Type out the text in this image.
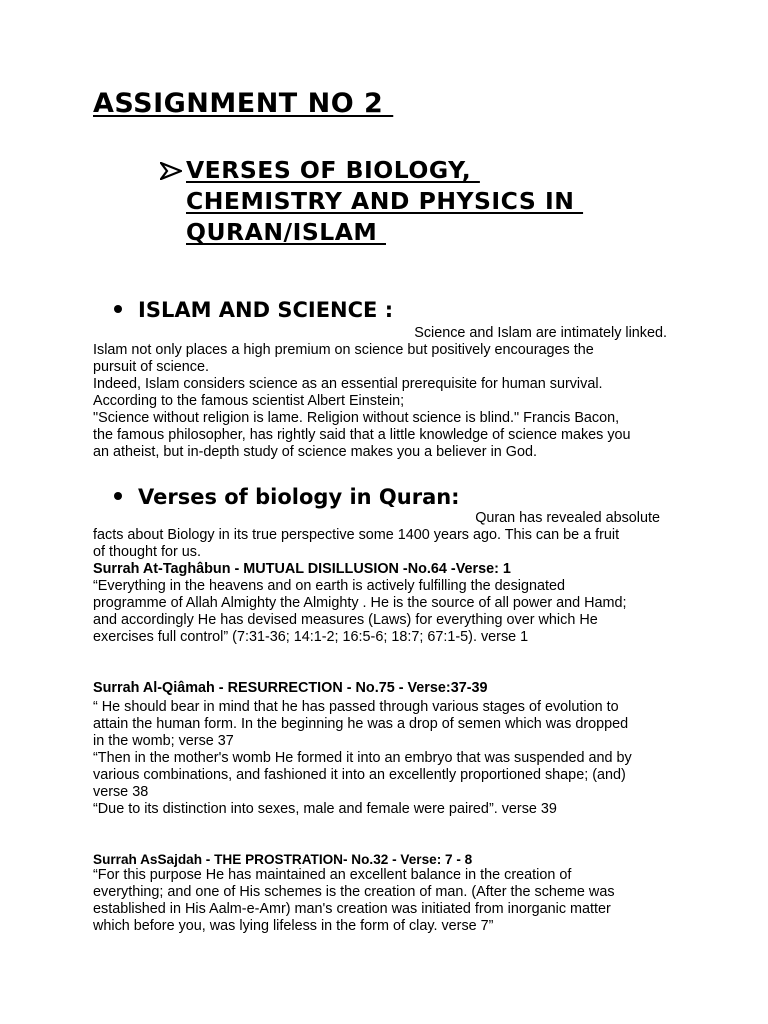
ASSIGNMENT NO 2
VERSES OF BIOLOGY,
CHEMISTRY AND PHYSICS IN
QURAN/ISLAM
ISLAM AND SCIENCE :
Science and Islam are intimately linked.
Islam not only places a high premium on science but positively encourages the
pursuit of science.
Indeed, Islam considers science as an essential prerequisite for human survival.
According to the famous scientist Albert Einstein;
"Science without religion is lame. Religion without science is blind." Francis Bacon,
the famous philosopher, has rightly said that a little knowledge of science makes you
an atheist, but in-depth study of science makes you a believer in God.
Verses of biology in Quran:
Quran has revealed absolute
facts about Biology in its true perspective some 1400 years ago. This can be a fruit
of thought for us.
Surrah At-Taghâbun - MUTUAL DISILLUSION -No.64 -Verse: 1
“Everything in the heavens and on earth is actively fulfilling the designated
programme of Allah Almighty the Almighty . He is the source of all power and Hamd;
and accordingly He has devised measures (Laws) for everything over which He
exercises full control” (7:31-36; 14:1-2; 16:5-6; 18:7; 67:1-5). verse 1
Surrah Al-Qiâmah - RESURRECTION - No.75 - Verse:37-39
“ He should bear in mind that he has passed through various stages of evolution to
attain the human form. In the beginning he was a drop of semen which was dropped
in the womb; verse 37
“Then in the mother's womb He formed it into an embryo that was suspended and by
various combinations, and fashioned it into an excellently proportioned shape; (and)
verse 38
“Due to its distinction into sexes, male and female were paired”. verse 39
Surrah AsSajdah - THE PROSTRATION- No.32 - Verse: 7 - 8
“For this purpose He has maintained an excellent balance in the creation of
everything; and one of His schemes is the creation of man. (After the scheme was
established in His Aalm-e-Amr) man's creation was initiated from inorganic matter
which before you, was lying lifeless in the form of clay. verse 7”
